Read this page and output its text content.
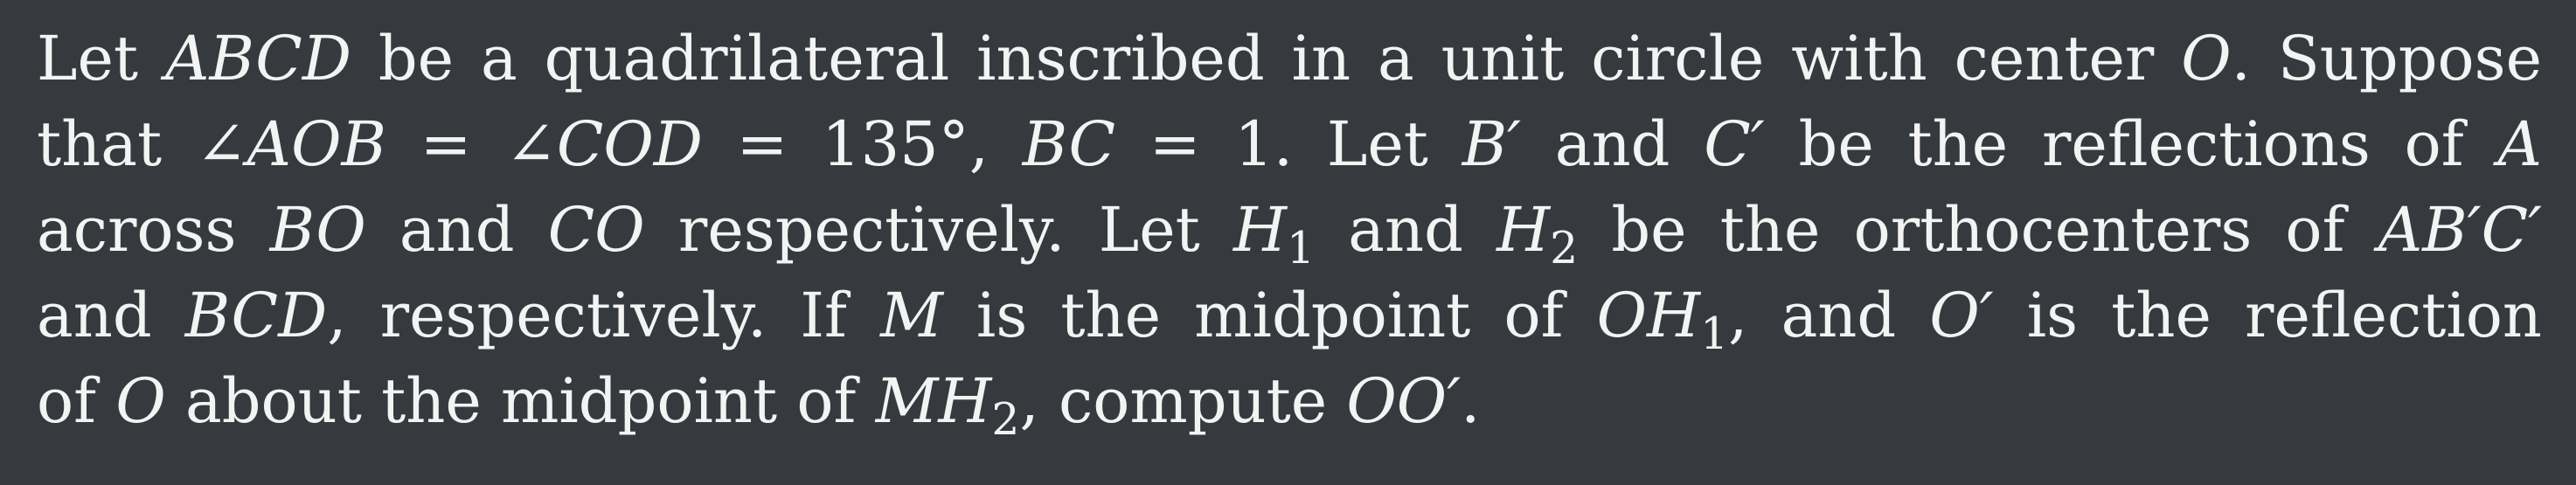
Let ABCD be a quadrilateral inscribed in a unit circle with center O. Suppose
that ∠AOB = ∠COD = 135°, BC = 1. Let B′ and C′ be the reflections of A
across BO and CO respectively. Let $H_1$ and $H_2$ be the orthocenters of AB′C′
and BCD, respectively. If M is the midpoint of $OH_1$, and O′ is the reflection
of O about the midpoint of $MH_2$, compute OO′.
